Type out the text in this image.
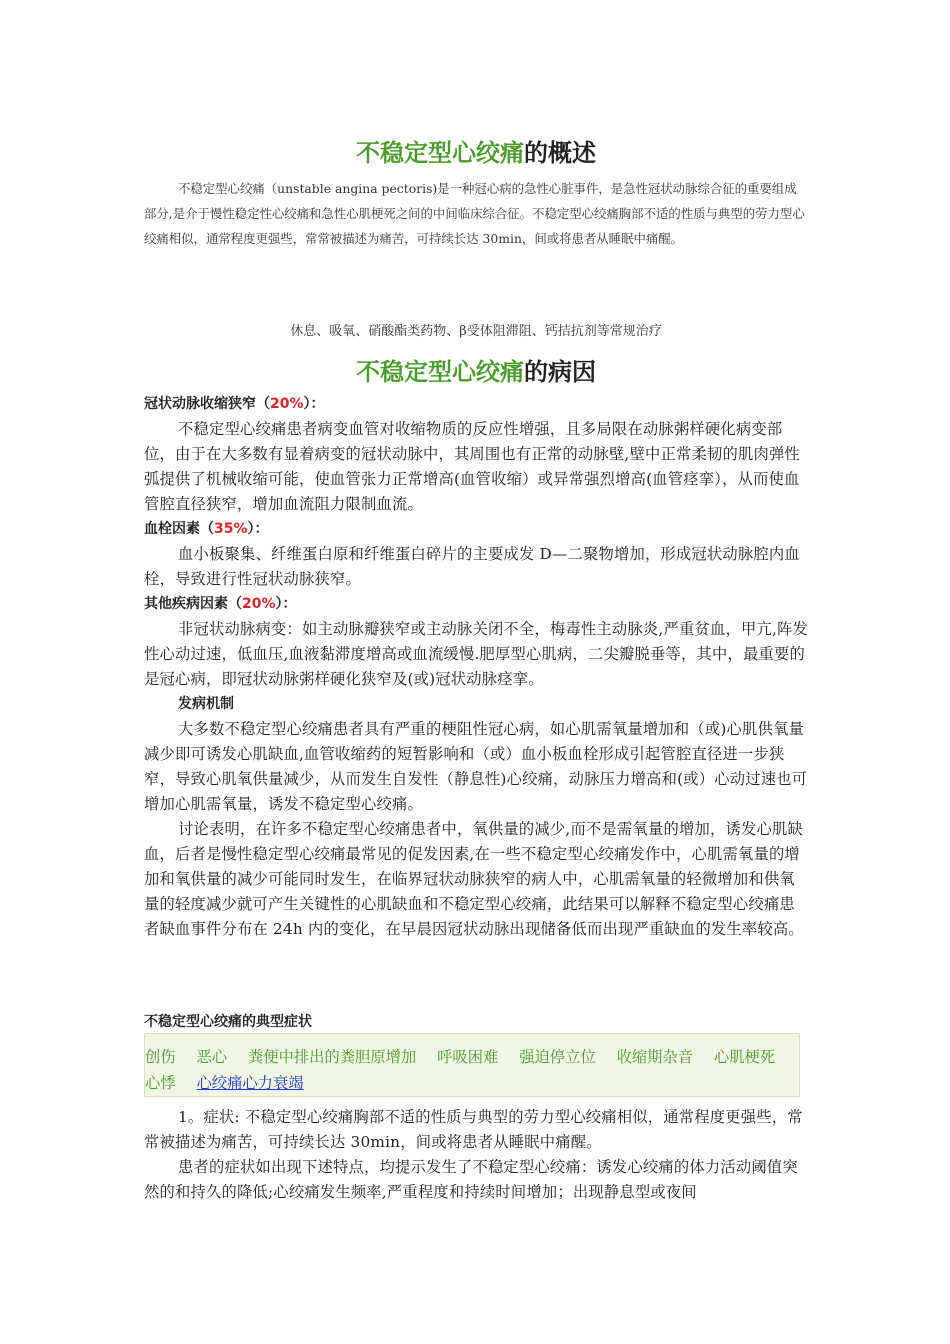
不稳定型心绞痛的概述
不稳定型心绞痛（unstable angina pectoris)是一种冠心病的急性心脏事件，是急性冠状动脉综合征的重要组成部分,是介于慢性稳定性心绞痛和急性心肌梗死之间的中间临床综合征。不稳定型心绞痛胸部不适的性质与典型的劳力型心绞痛相似，通常程度更强些，常常被描述为痛苦，可持续长达 30min，间或将患者从睡眠中痛醒。
休息、吸氧、硝酸酯类药物、β受体阻滞阻、钙拮抗剂等常规治疗
不稳定型心绞痛的病因
冠状动脉收缩狭窄（20%）：

不稳定型心绞痛患者病变血管对收缩物质的反应性增强，且多局限在动脉粥样硬化病变部位，由于在大多数有显着病变的冠状动脉中，其周围也有正常的动脉壁,壁中正常柔韧的肌肉弹性弧提供了机械收缩可能，使血管张力正常增高(血管收缩）或异常强烈增高(血管痉挛），从而使血管腔直径狭窄，增加血流阻力限制血流。

血栓因素（35%）：

血小板聚集、纤维蛋白原和纤维蛋白碎片的主要成发 D—二聚物增加，形成冠状动脉腔内血栓，导致进行性冠状动脉狭窄。

其他疾病因素（20%）：

非冠状动脉病变：如主动脉瓣狭窄或主动脉关闭不全，梅毒性主动脉炎,严重贫血，甲亢,阵发性心动过速，低血压,血液黏滞度增高或血流缓慢.肥厚型心肌病，二尖瓣脱垂等，其中，最重要的是冠心病，即冠状动脉粥样硬化狭窄及(或)冠状动脉痉挛。

发病机制

大多数不稳定型心绞痛患者具有严重的梗阻性冠心病，如心肌需氧量增加和（或)心肌供氧量减少即可诱发心肌缺血,血管收缩药的短暂影响和（或）血小板血栓形成引起管腔直径进一步狭窄，导致心肌氧供量减少，从而发生自发性（静息性)心绞痛，动脉压力增高和(或）心动过速也可增加心肌需氧量，诱发不稳定型心绞痛。

讨论表明，在许多不稳定型心绞痛患者中，氧供量的减少,而不是需氧量的增加，诱发心肌缺血，后者是慢性稳定型心绞痛最常见的促发因素,在一些不稳定型心绞痛发作中，心肌需氧量的增加和氧供量的减少可能同时发生，在临界冠状动脉狭窄的病人中，心肌需氧量的轻微增加和供氧量的轻度减少就可产生关键性的心肌缺血和不稳定型心绞痛，此结果可以解释不稳定型心绞痛患者缺血事件分布在 24h 内的变化，在早晨因冠状动脉出现储备低而出现严重缺血的发生率较高。

不稳定型心绞痛的典型症状
创伤 恶心 粪便中排出的粪胆原增加 呼吸困难 强迫停立位 收缩期杂音 心肌梗死 心悸 心绞痛心力衰竭

1。症状: 不稳定型心绞痛胸部不适的性质与典型的劳力型心绞痛相似，通常程度更强些，常常被描述为痛苦，可持续长达 30min，间或将患者从睡眠中痛醒。

患者的症状如出现下述特点，均提示发生了不稳定型心绞痛：诱发心绞痛的体力活动阈值突然的和持久的降低;心绞痛发生频率,严重程度和持续时间增加；出现静息型或夜间
